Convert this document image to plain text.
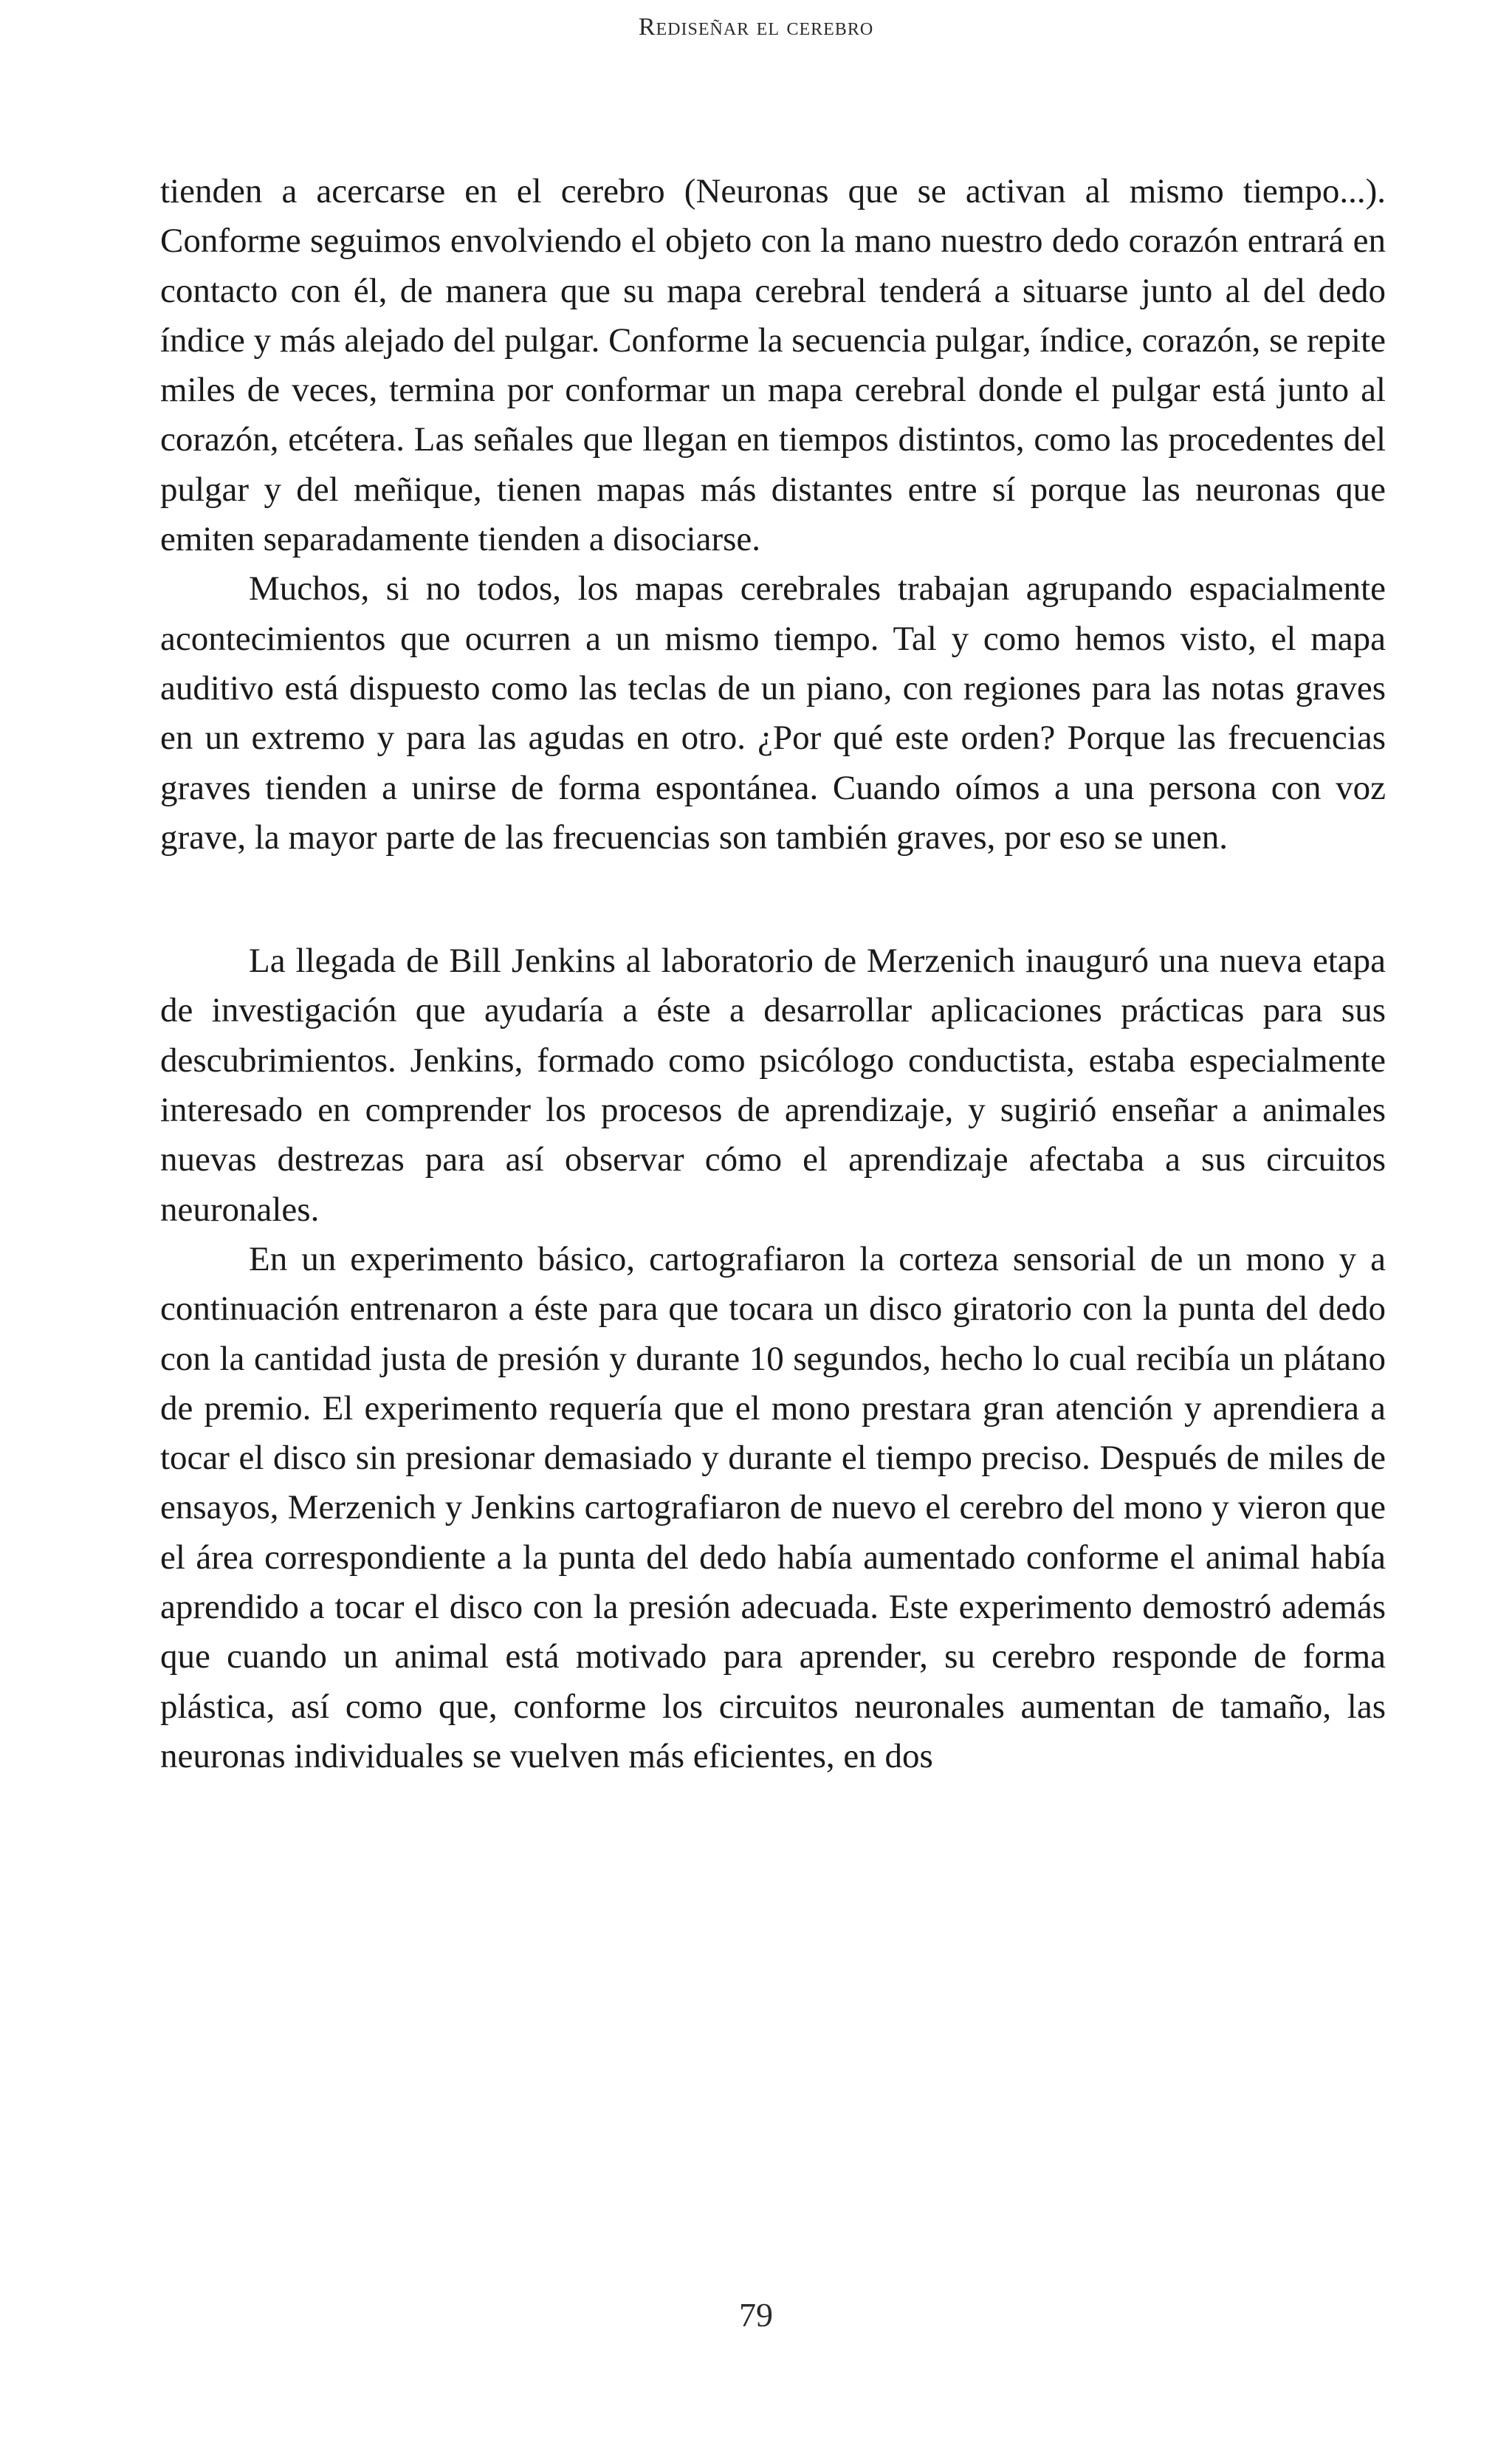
Rediseñar el cerebro

tienden a acercarse en el cerebro (Neuronas que se activan al mismo tiempo...). Conforme seguimos envolviendo el objeto con la mano nuestro dedo corazón entrará en contacto con él, de manera que su mapa cerebral tenderá a situarse junto al del dedo índice y más alejado del pulgar. Conforme la secuencia pulgar, índice, corazón, se repite miles de veces, termina por conformar un mapa cerebral donde el pulgar está junto al corazón, etcétera. Las señales que llegan en tiempos distintos, como las procedentes del pulgar y del meñique, tienen mapas más distantes entre sí porque las neuronas que emiten separadamente tienden a disociarse.

Muchos, si no todos, los mapas cerebrales trabajan agrupando espacialmente acontecimientos que ocurren a un mismo tiempo. Tal y como hemos visto, el mapa auditivo está dispuesto como las teclas de un piano, con regiones para las notas graves en un extremo y para las agudas en otro. ¿Por qué este orden? Porque las frecuencias graves tienden a unirse de forma espontánea. Cuando oímos a una persona con voz grave, la mayor parte de las frecuencias son también graves, por eso se unen.

La llegada de Bill Jenkins al laboratorio de Merzenich inauguró una nueva etapa de investigación que ayudaría a éste a desarrollar aplicaciones prácticas para sus descubrimientos. Jenkins, formado como psicólogo conductista, estaba especialmente interesado en comprender los procesos de aprendizaje, y sugirió enseñar a animales nuevas destrezas para así observar cómo el aprendizaje afectaba a sus circuitos neuronales.

En un experimento básico, cartografiaron la corteza sensorial de un mono y a continuación entrenaron a éste para que tocara un disco giratorio con la punta del dedo con la cantidad justa de presión y durante 10 segundos, hecho lo cual recibía un plátano de premio. El experimento requería que el mono prestara gran atención y aprendiera a tocar el disco sin presionar demasiado y durante el tiempo preciso. Después de miles de ensayos, Merzenich y Jenkins cartografiaron de nuevo el cerebro del mono y vieron que el área correspondiente a la punta del dedo había aumentado conforme el animal había aprendido a tocar el disco con la presión adecuada. Este experimento demostró además que cuando un animal está motivado para aprender, su cerebro responde de forma plástica, así como que, conforme los circuitos neuronales aumentan de tamaño, las neuronas individuales se vuelven más eficientes, en dos

79
